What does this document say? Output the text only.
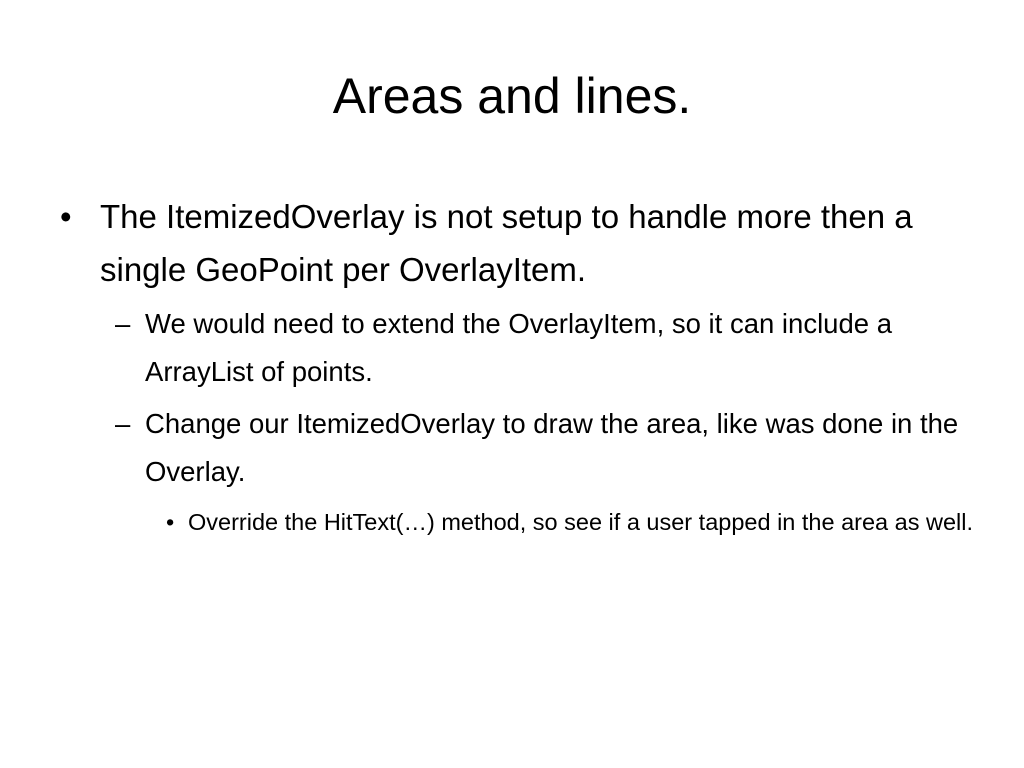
Areas and lines.
• The ItemizedOverlay is not setup to handle more then a single GeoPoint per OverlayItem.
– We would need to extend the OverlayItem, so it can include a ArrayList of points.
– Change our ItemizedOverlay to draw the area, like was done in the Overlay.
• Override the HitText(…) method, so see if a user tapped in the area as well.
